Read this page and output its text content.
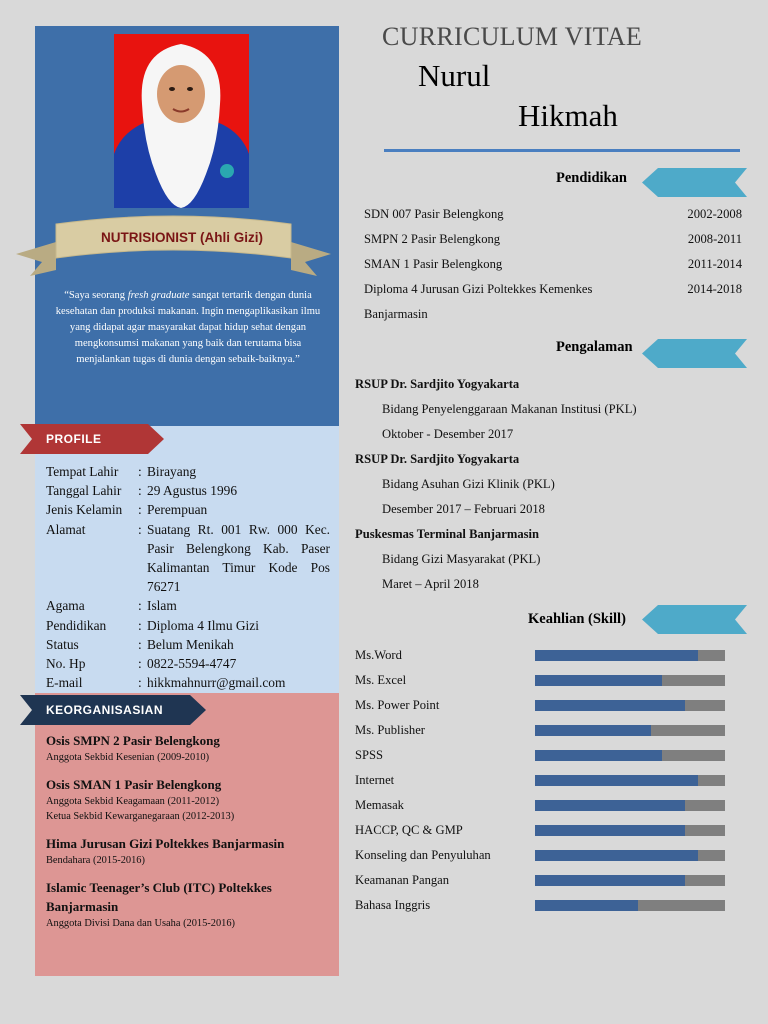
NUTRISIONIST (Ahli Gizi)
“Saya seorang fresh graduate sangat tertarik dengan dunia kesehatan dan produksi makanan. Ingin mengaplikasikan ilmu yang didapat agar masyarakat dapat hidup sehat dengan mengkonsumsi makanan yang baik dan terutama bisa menjalankan tugas di dunia dengan sebaik-baiknya.”
PROFILE
Tempat Lahir	: Birayang
Tanggal Lahir	: 29 Agustus 1996
Jenis Kelamin	: Perempuan
Alamat	: Suatang Rt. 001 Rw. 000 Kec. Pasir Belengkong Kab. Paser Kalimantan Timur Kode Pos 76271
Agama	: Islam
Pendidikan	: Diploma 4 Ilmu Gizi
Status	: Belum Menikah
No. Hp	: 0822-5594-4747
E-mail	: hikkmahnurr@gmail.com
KEORGANISASIAN
Osis SMPN 2 Pasir Belengkong
Anggota Sekbid Kesenian (2009-2010)
Osis SMAN 1 Pasir Belengkong
Anggota Sekbid Keagamaan (2011-2012)
Ketua Sekbid Kewarganegaraan (2012-2013)
Hima Jurusan Gizi Poltekkes Banjarmasin
Bendahara (2015-2016)
Islamic Teenager’s Club (ITC) Poltekkes Banjarmasin
Anggota Divisi Dana dan Usaha (2015-2016)
CURRICULUM VITAE
Nurul
Hikmah
Pendidikan
SDN 007 Pasir Belengkong	2002-2008
SMPN 2 Pasir Belengkong	2008-2011
SMAN 1 Pasir Belengkong	2011-2014
Diploma 4 Jurusan Gizi Poltekkes Kemenkes	2014-2018
Banjarmasin
Pengalaman
RSUP Dr. Sardjito Yogyakarta
Bidang Penyelenggaraan Makanan Institusi (PKL)
Oktober - Desember 2017
RSUP Dr. Sardjito Yogyakarta
Bidang Asuhan Gizi Klinik (PKL)
Desember 2017 – Februari 2018
Puskesmas Terminal Banjarmasin
Bidang Gizi Masyarakat (PKL)
Maret – April 2018
Keahlian (Skill)
Ms.Word
Ms. Excel
Ms. Power Point
Ms. Publisher
SPSS
Internet
Memasak
HACCP, QC & GMP
Konseling dan Penyuluhan
Keamanan Pangan
Bahasa Inggris
